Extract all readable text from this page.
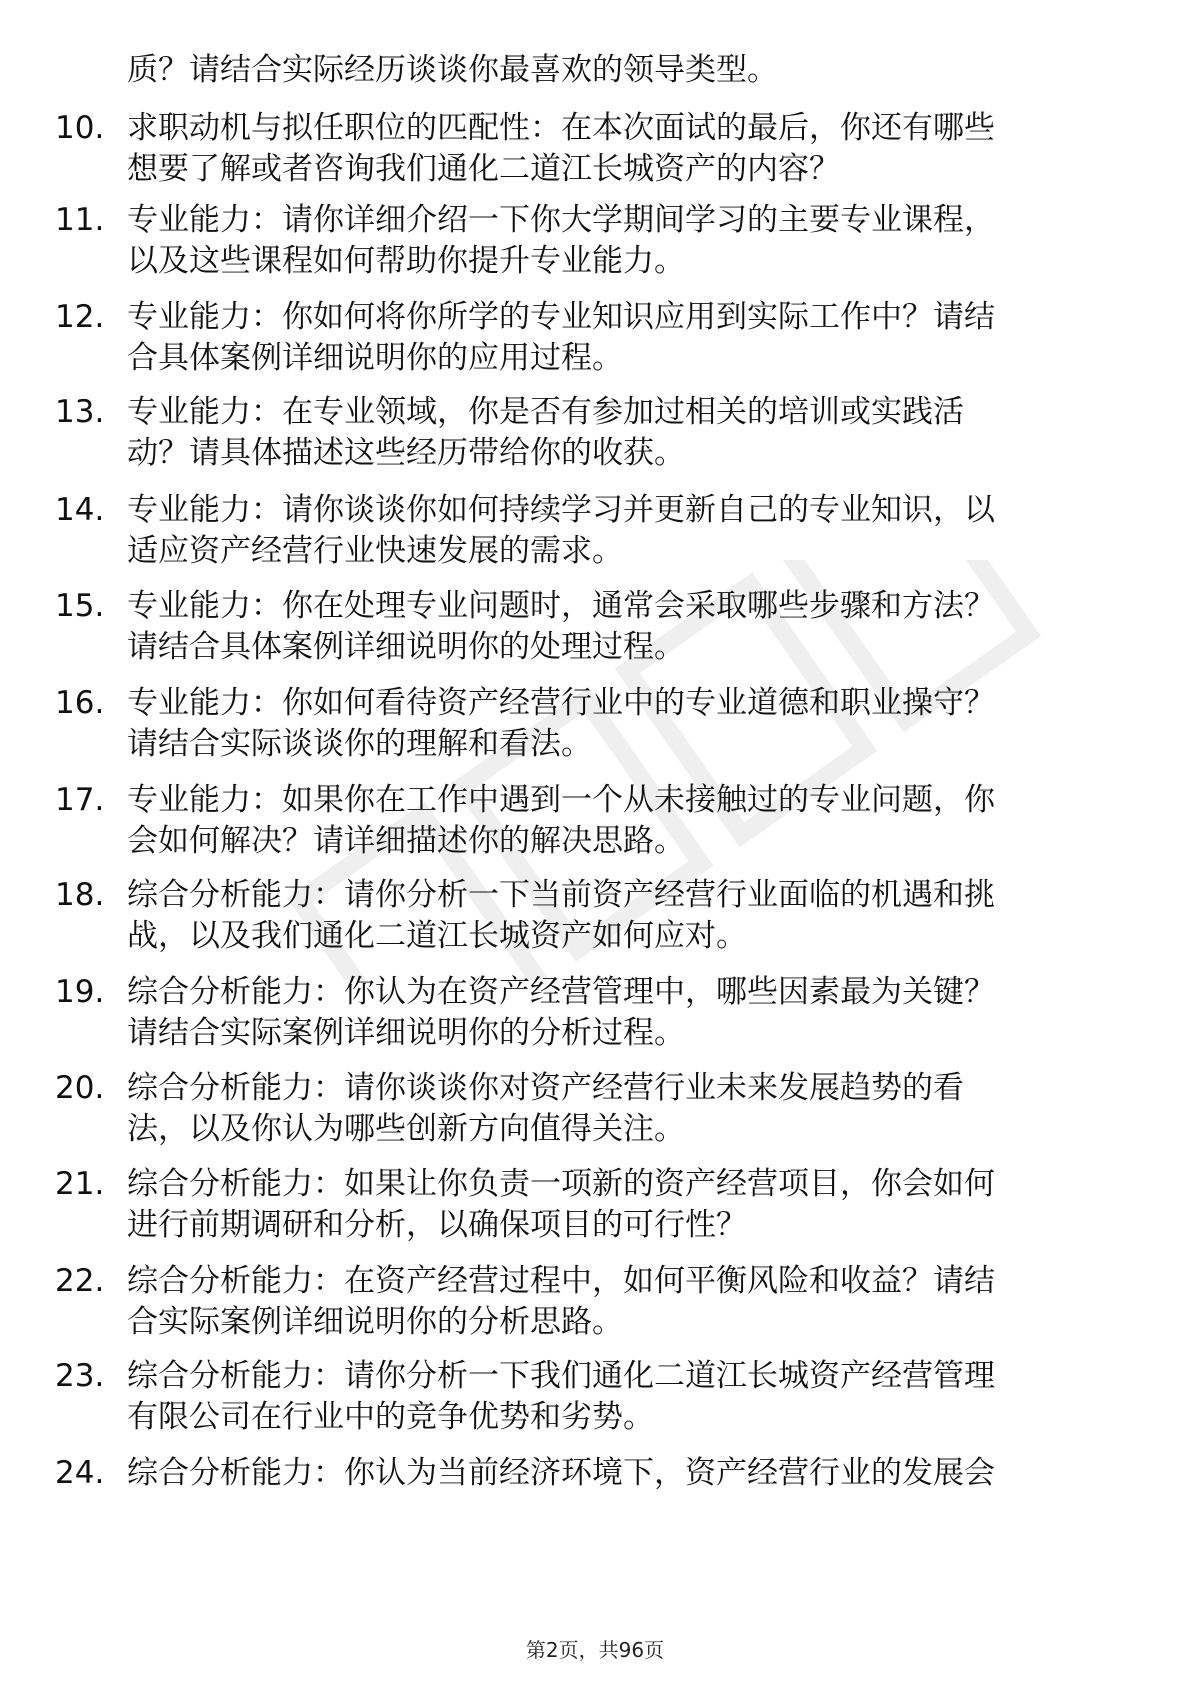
质？请结合实际经历谈谈你最喜欢的领导类型。

10. 求职动机与拟任职位的匹配性：在本次面试的最后，你还有哪些
想要了解或者咨询我们通化二道江长城资产的内容？
11. 专业能力：请你详细介绍一下你大学期间学习的主要专业课程，
以及这些课程如何帮助你提升专业能力。
12. 专业能力：你如何将你所学的专业知识应用到实际工作中？请结
合具体案例详细说明你的应用过程。
13. 专业能力：在专业领域，你是否有参加过相关的培训或实践活
动？请具体描述这些经历带给你的收获。
14. 专业能力：请你谈谈你如何持续学习并更新自己的专业知识，以
适应资产经营行业快速发展的需求。
15. 专业能力：你在处理专业问题时，通常会采取哪些步骤和方法？
请结合具体案例详细说明你的处理过程。
16. 专业能力：你如何看待资产经营行业中的专业道德和职业操守？
请结合实际谈谈你的理解和看法。
17. 专业能力：如果你在工作中遇到一个从未接触过的专业问题，你
会如何解决？请详细描述你的解决思路。
18. 综合分析能力：请你分析一下当前资产经营行业面临的机遇和挑
战，以及我们通化二道江长城资产如何应对。
19. 综合分析能力：你认为在资产经营管理中，哪些因素最为关键？
请结合实际案例详细说明你的分析过程。
20. 综合分析能力：请你谈谈你对资产经营行业未来发展趋势的看
法，以及你认为哪些创新方向值得关注。
21. 综合分析能力：如果让你负责一项新的资产经营项目，你会如何
进行前期调研和分析，以确保项目的可行性？
22. 综合分析能力：在资产经营过程中，如何平衡风险和收益？请结
合实际案例详细说明你的分析思路。
23. 综合分析能力：请你分析一下我们通化二道江长城资产经营管理
有限公司在行业中的竞争优势和劣势。
24. 综合分析能力：你认为当前经济环境下，资产经营行业的发展会
第2页，共96页
